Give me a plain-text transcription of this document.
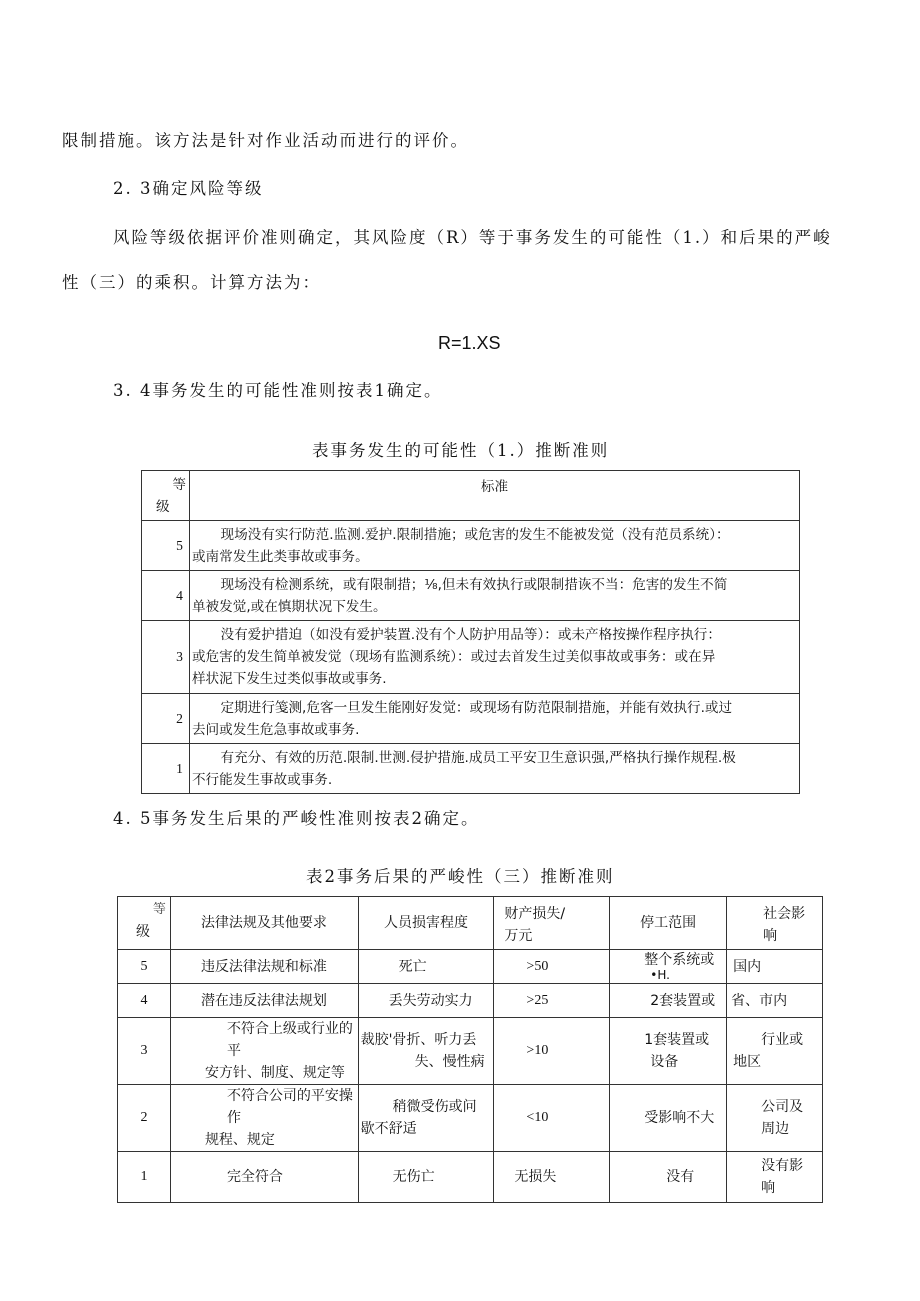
限制措施。该方法是针对作业活动而进行的评价。
2. 3确定风险等级
风险等级依据评价准则确定，其风险度（R）等于事务发生的可能性（1.）和后果的严峻
性（三）的乘积。计算方法为：
R=1.XS
3. 4事务发生的可能性准则按表1确定。
表事务发生的可能性（1.）推断准则
等
级	标准

5	现场没有实行防范.监测.爱护.限制措施；或危害的发生不能被发觉（没有范员系统）：
或南常发生此类事故或事务。

4	现场没有检测系统，或有限制措；⅛,但未有效执行或限制措诙不当：危害的发生不简
单被发觉,或在慎期状况下发生。

3	没有爱护措迫（如没有爱护装置.没有个人防护用品等）：或未产格按操作程序执行：
或危害的发生简单被发觉（现场有监测系统）：或过去首发生过美似事故或事务：或在异
样状泥下发生过类似事故或事务.

2	定期进行笺测,危客一旦发生能刚好发觉：或现场有防范限制措施，并能有效执行.或过
去问或发生危急事故或事务.

1	有充分、有效的历范.限制.世测.侵护措施.成员工平安卫生意识强,严格执行操作规程.极
不行能发生事故或事务.
4. 5事务发生后果的严峻性准则按表2确定。
表2事务后果的严峻性（三）推断准则
等
级	法律法规及其他要求	人员损害程度	财产损失/
万元	停工范围	社会影
响

5	违反法律法规和标准	死亡	>50	整个系统或
•H.	国内

4	潜在违反法律法规划	丢失劳动实力	>25	2套装置或	省、市内

3	不符合上级或行业的平
安方针、制度、规定等	裁胶'骨折、听力丢
失、慢性病	>10	1套装置或
设备	行业或
地区

2	不符合公司的平安操作
规程、规定	稍微受伤或问
歇不舒适	<10	受影响不大	公司及
周边

1	完全符合	无伤亡	无损失	没有	没有影
响
